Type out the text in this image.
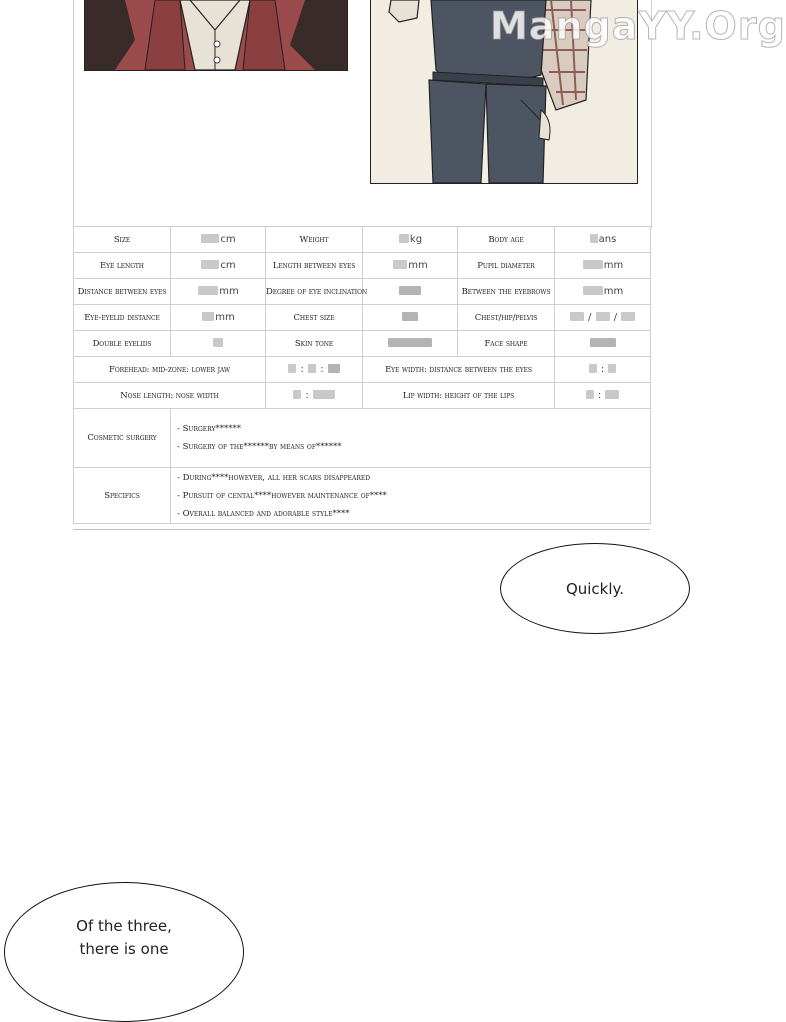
MangaYY.Org
Size	cm	Weight	kg	Body age	ans
Eye length	cm	Length between eyes	mm	Pupil diameter	mm
Distance between eyes	mm	Degree of eye inclination		Between the eyebrows	mm
Eye-eyelid distance	mm	Chest size		Chest/hip/pelvis	/ /
Double eyelids		Skin tone		Face shape	
Forehead: mid-zone: lower jaw		: :	Eye width: distance between the eyes		:
Nose length: nose width		:	Lip width: height of the lips		:
Cosmetic surgery	- Surgery******
- Surgery of the******by means of******				

Specifics	- During****however, all her scars disappeared
- Pursuit of cental****however maintenance of****
- Overall balanced and adorable style****				
Quickly.
Of the three,
there is one
